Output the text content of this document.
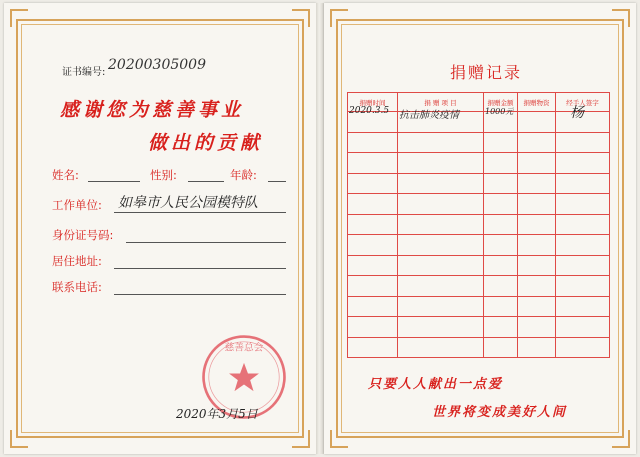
证书编号: 20200305009
感谢您为慈善事业
做出的贡献
姓名:	性别:	年龄:
工作单位: 如皋市人民公园模特队
身份证号码:
居住地址:
联系电话:
慈善总会
2020年3月5日
捐赠记录
捐赠时间	捐 赠 项 目	捐赠金额	捐赠物资	经手人签字

2020.3.5	抗击肺炎疫情	1000元		杨

只要人人献出一点爱
世界将变成美好人间
